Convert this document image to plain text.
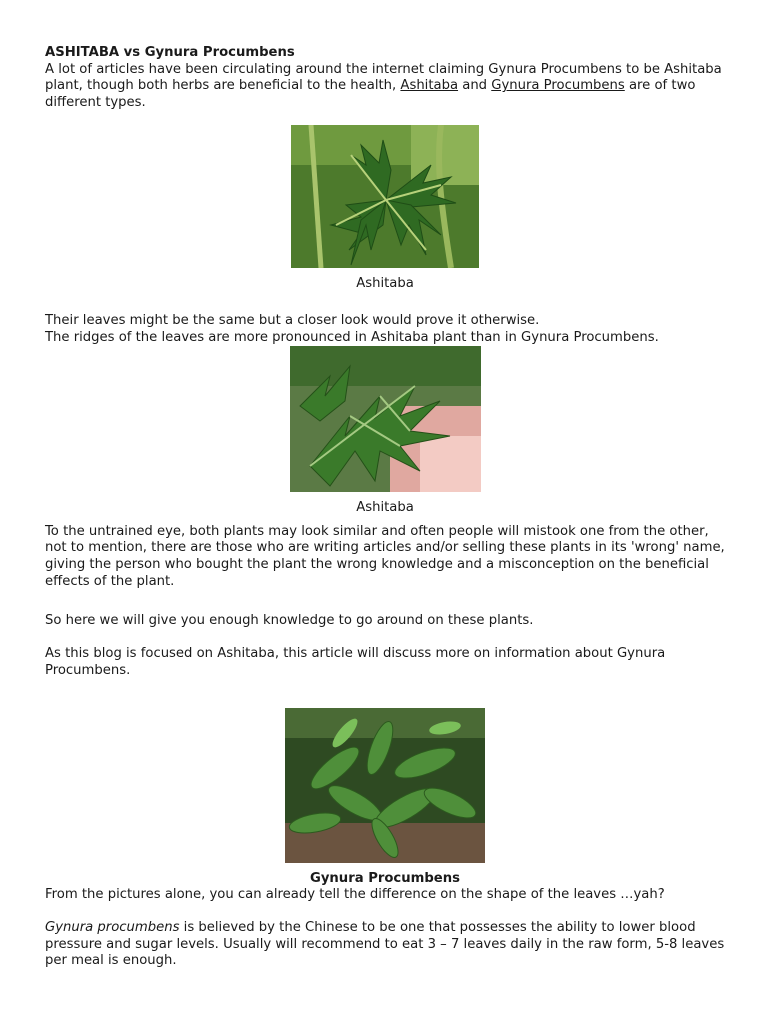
ASHITABA vs Gynura Procumbens

A lot of articles have been circulating around the internet claiming Gynura Procumbens to be Ashitaba plant, though both herbs are beneficial to the health, Ashitaba and Gynura Procumbens are of two different types.

Ashitaba

Their leaves might be the same but a closer look would prove it otherwise.

The ridges of the leaves are more pronounced in Ashitaba plant than in Gynura Procumbens.

Ashitaba

To the untrained eye, both plants may look similar and often people will mistook one from the other, not to mention, there are those who are writing articles and/or selling these plants in its 'wrong' name, giving the person who bought the plant the wrong knowledge and a misconception on the beneficial effects of the plant.

So here we will give you enough knowledge to go around on these plants.

As this blog is focused on Ashitaba, this article will discuss more on information about Gynura Procumbens.

Gynura Procumbens

From the pictures alone, you can already tell the difference on the shape of the leaves …yah?

Gynura procumbens is believed by the Chinese to be one that possesses the ability to lower blood pressure and sugar levels. Usually will recommend to eat 3 – 7 leaves daily in the raw form, 5-8 leaves per meal is enough.
